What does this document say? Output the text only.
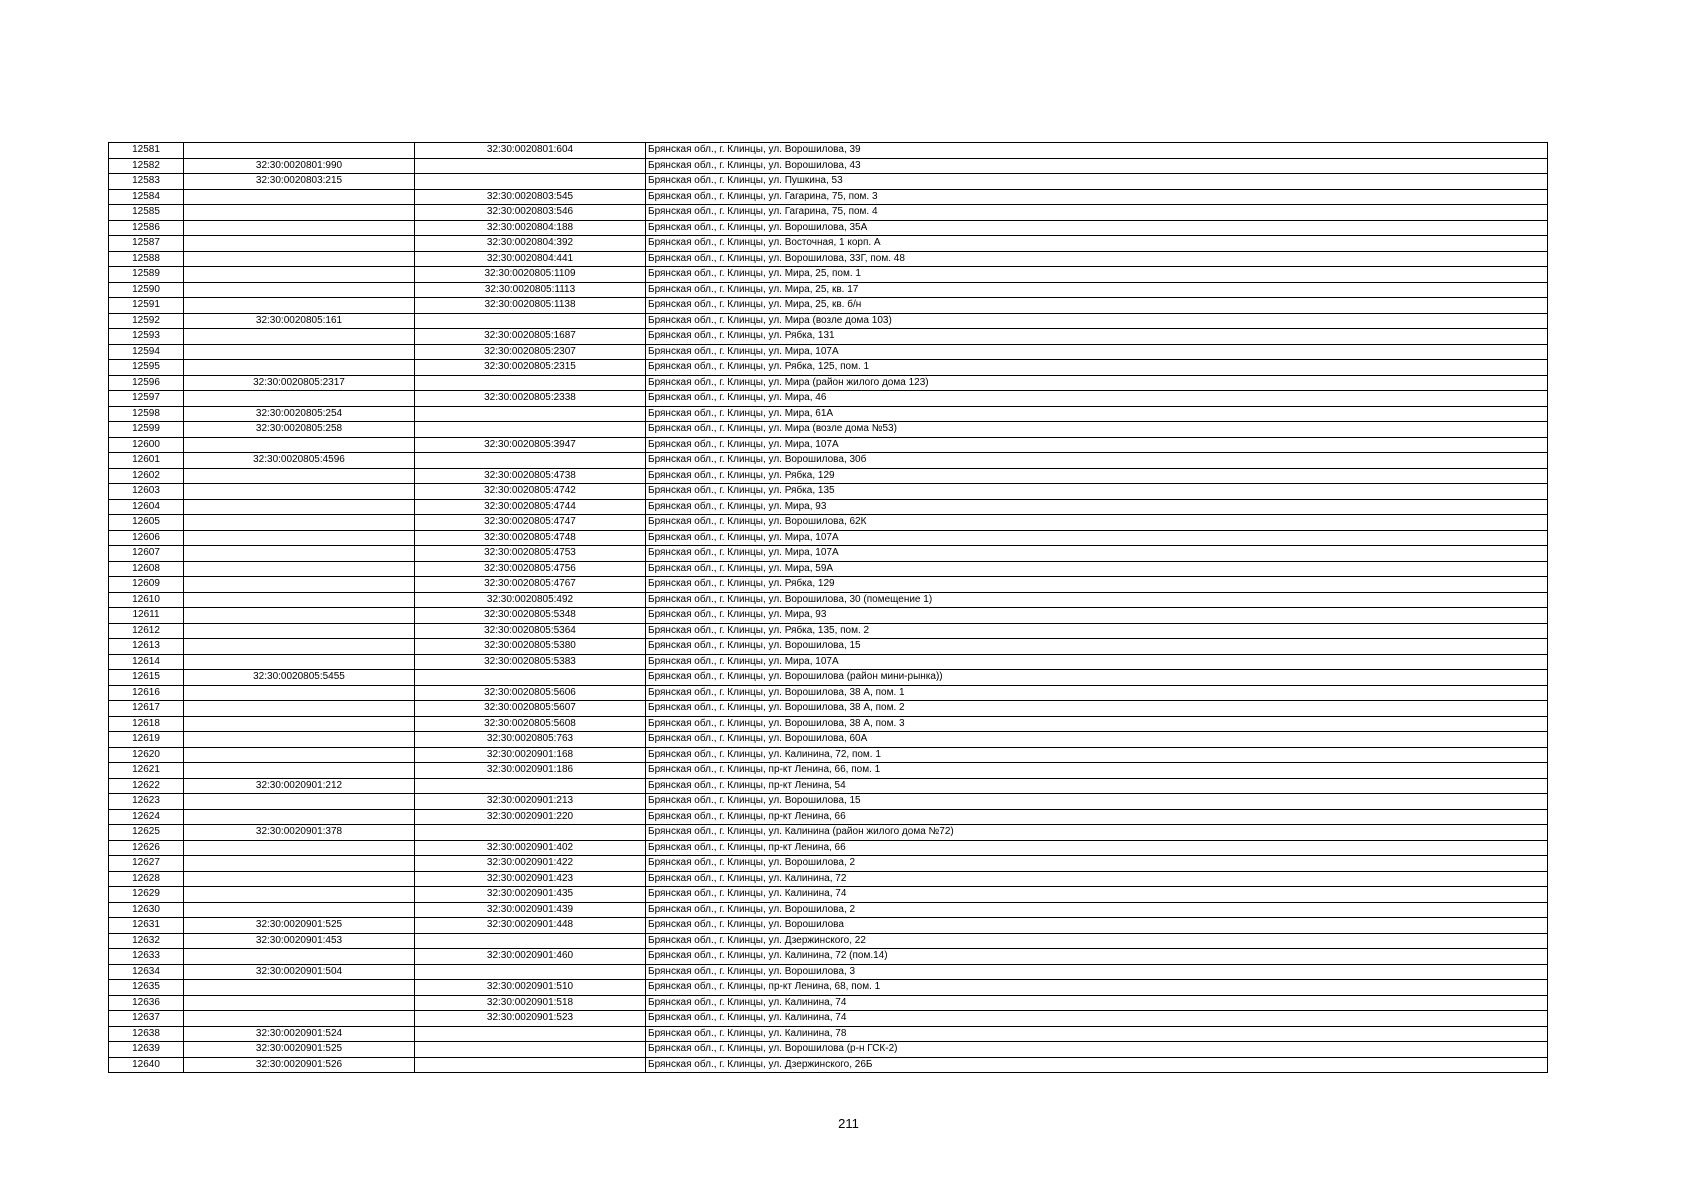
12581		32:30:0020801:604	Брянская обл., г. Клинцы, ул. Ворошилова, 39
12582	32:30:0020801:990		Брянская обл., г. Клинцы, ул. Ворошилова, 43
12583	32:30:0020803:215		Брянская обл., г. Клинцы, ул. Пушкина, 53
12584		32:30:0020803:545	Брянская обл., г. Клинцы, ул. Гагарина, 75, пом. 3
12585		32:30:0020803:546	Брянская обл., г. Клинцы, ул. Гагарина, 75, пом. 4
12586		32:30:0020804:188	Брянская обл., г. Клинцы, ул. Ворошилова, 35А
12587		32:30:0020804:392	Брянская обл., г. Клинцы, ул. Восточная, 1 корп. А
12588		32:30:0020804:441	Брянская обл., г. Клинцы, ул. Ворошилова, 33Г, пом. 48
12589		32:30:0020805:1109	Брянская обл., г. Клинцы, ул. Мира, 25, пом. 1
12590		32:30:0020805:1113	Брянская обл., г. Клинцы, ул. Мира, 25, кв. 17
12591		32:30:0020805:1138	Брянская обл., г. Клинцы, ул. Мира, 25, кв. б/н
12592	32:30:0020805:161		Брянская обл., г. Клинцы, ул. Мира (возле дома 103)
12593		32:30:0020805:1687	Брянская обл., г. Клинцы, ул. Рябка, 131
12594		32:30:0020805:2307	Брянская обл., г. Клинцы, ул. Мира, 107А
12595		32:30:0020805:2315	Брянская обл., г. Клинцы, ул. Рябка, 125, пом. 1
12596	32:30:0020805:2317		Брянская обл., г. Клинцы, ул. Мира (район жилого дома 123)
12597		32:30:0020805:2338	Брянская обл., г. Клинцы, ул. Мира, 46
12598	32:30:0020805:254		Брянская обл., г. Клинцы, ул. Мира, 61А
12599	32:30:0020805:258		Брянская обл., г. Клинцы, ул. Мира (возле дома №53)
12600		32:30:0020805:3947	Брянская обл., г. Клинцы, ул. Мира, 107А
12601	32:30:0020805:4596		Брянская обл., г. Клинцы, ул. Ворошилова, 30б
12602		32:30:0020805:4738	Брянская обл., г. Клинцы, ул. Рябка, 129
12603		32:30:0020805:4742	Брянская обл., г. Клинцы, ул. Рябка, 135
12604		32:30:0020805:4744	Брянская обл., г. Клинцы, ул. Мира, 93
12605		32:30:0020805:4747	Брянская обл., г. Клинцы, ул. Ворошилова, 62К
12606		32:30:0020805:4748	Брянская обл., г. Клинцы, ул. Мира, 107А
12607		32:30:0020805:4753	Брянская обл., г. Клинцы, ул. Мира, 107А
12608		32:30:0020805:4756	Брянская обл., г. Клинцы, ул. Мира, 59А
12609		32:30:0020805:4767	Брянская обл., г. Клинцы, ул. Рябка, 129
12610		32:30:0020805:492	Брянская обл., г. Клинцы, ул. Ворошилова, 30 (помещение 1)
12611		32:30:0020805:5348	Брянская обл., г. Клинцы, ул. Мира, 93
12612		32:30:0020805:5364	Брянская обл., г. Клинцы, ул. Рябка, 135, пом. 2
12613		32:30:0020805:5380	Брянская обл., г. Клинцы, ул. Ворошилова, 15
12614		32:30:0020805:5383	Брянская обл., г. Клинцы, ул. Мира, 107А
12615	32:30:0020805:5455		Брянская обл., г. Клинцы, ул. Ворошилова (район мини-рынка))
12616		32:30:0020805:5606	Брянская обл., г. Клинцы, ул. Ворошилова, 38 А, пом. 1
12617		32:30:0020805:5607	Брянская обл., г. Клинцы, ул. Ворошилова, 38 А, пом. 2
12618		32:30:0020805:5608	Брянская обл., г. Клинцы, ул. Ворошилова, 38 А, пом. 3
12619		32:30:0020805:763	Брянская обл., г. Клинцы, ул. Ворошилова, 60А
12620		32:30:0020901:168	Брянская обл., г. Клинцы, ул. Калинина, 72, пом. 1
12621		32:30:0020901:186	Брянская обл., г. Клинцы, пр-кт Ленина, 66, пом. 1
12622	32:30:0020901:212		Брянская обл., г. Клинцы, пр-кт Ленина, 54
12623		32:30:0020901:213	Брянская обл., г. Клинцы, ул. Ворошилова, 15
12624		32:30:0020901:220	Брянская обл., г. Клинцы, пр-кт Ленина, 66
12625	32:30:0020901:378		Брянская обл., г. Клинцы, ул. Калинина (район жилого дома №72)
12626		32:30:0020901:402	Брянская обл., г. Клинцы, пр-кт Ленина, 66
12627		32:30:0020901:422	Брянская обл., г. Клинцы, ул. Ворошилова, 2
12628		32:30:0020901:423	Брянская обл., г. Клинцы, ул. Калинина, 72
12629		32:30:0020901:435	Брянская обл., г. Клинцы, ул. Калинина, 74
12630		32:30:0020901:439	Брянская обл., г. Клинцы, ул. Ворошилова, 2
12631	32:30:0020901:525	32:30:0020901:448	Брянская обл., г. Клинцы, ул. Ворошилова
12632	32:30:0020901:453		Брянская обл., г. Клинцы, ул. Дзержинского, 22
12633		32:30:0020901:460	Брянская обл., г. Клинцы, ул. Калинина, 72 (пом.14)
12634	32:30:0020901:504		Брянская обл., г. Клинцы, ул. Ворошилова, 3
12635		32:30:0020901:510	Брянская обл., г. Клинцы, пр-кт Ленина, 68, пом. 1
12636		32:30:0020901:518	Брянская обл., г. Клинцы, ул. Калинина, 74
12637		32:30:0020901:523	Брянская обл., г. Клинцы, ул. Калинина, 74
12638	32:30:0020901:524		Брянская обл., г. Клинцы, ул. Калинина, 78
12639	32:30:0020901:525		Брянская обл., г. Клинцы, ул. Ворошилова (р-н ГСК-2)
12640	32:30:0020901:526		Брянская обл., г. Клинцы, ул. Дзержинского, 26Б
211
